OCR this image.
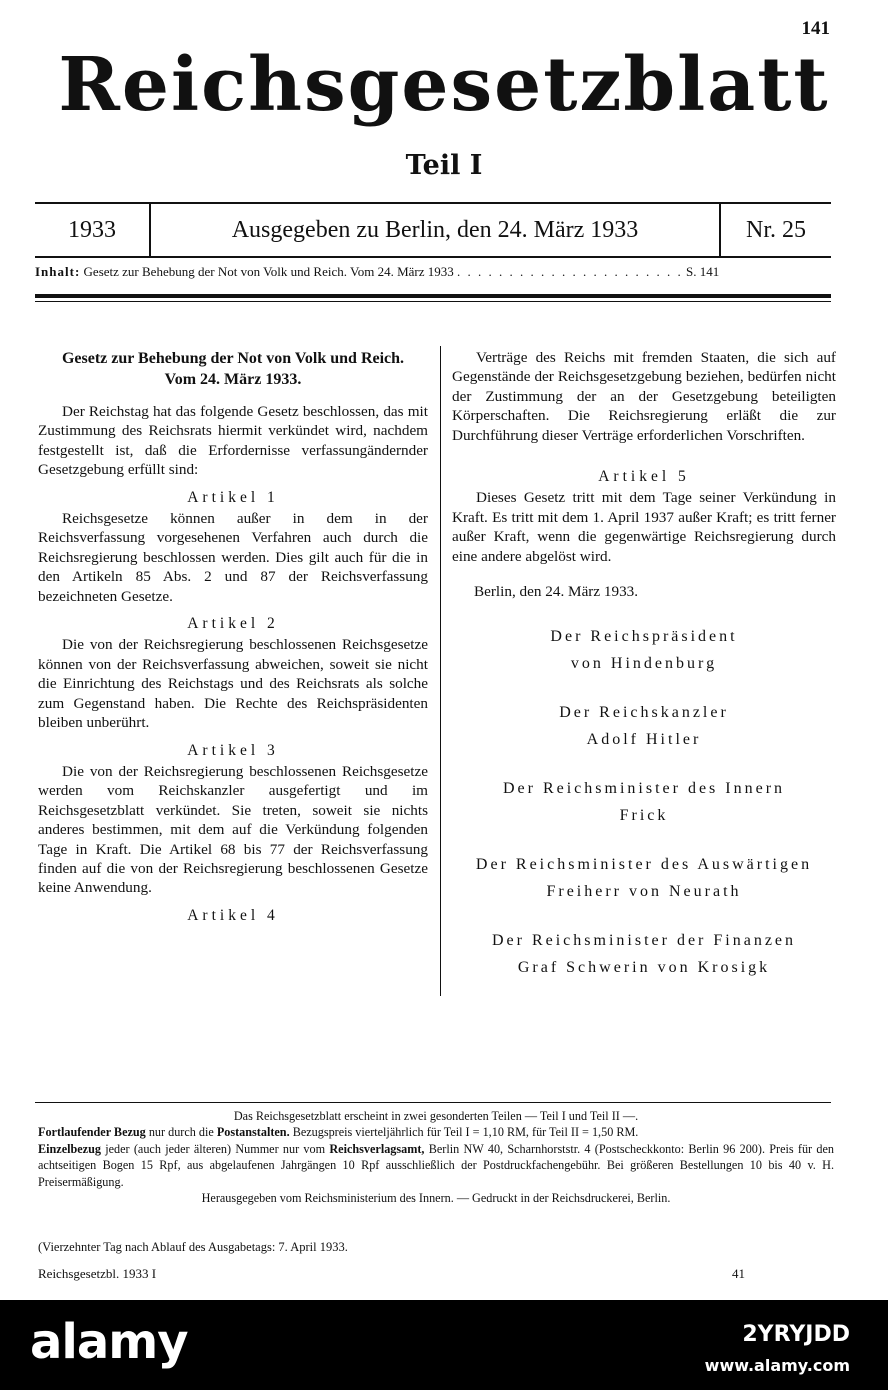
141
Reichsgesetzblatt
Teil I
1933	Ausgegeben zu Berlin, den 24. März 1933	Nr. 25
Inhalt: Gesetz zur Behebung der Not von Volk und Reich. Vom 24. März 1933 . . . . . . . . . . . . . . . . . . . . . . S. 141
Gesetz zur Behebung der Not von Volk und Reich.
Vom 24. März 1933.

Der Reichstag hat das folgende Gesetz beschlossen, das mit Zustimmung des Reichsrats hiermit verkündet wird, nachdem festgestellt ist, daß die Erfordernisse verfassungändernder Gesetzgebung erfüllt sind:

Artikel 1

Reichsgesetze können außer in dem in der Reichsverfassung vorgesehenen Verfahren auch durch die Reichsregierung beschlossen werden. Dies gilt auch für die in den Artikeln 85 Abs. 2 und 87 der Reichsverfassung bezeichneten Gesetze.

Artikel 2

Die von der Reichsregierung beschlossenen Reichsgesetze können von der Reichsverfassung abweichen, soweit sie nicht die Einrichtung des Reichstags und des Reichsrats als solche zum Gegenstand haben. Die Rechte des Reichspräsidenten bleiben unberührt.

Artikel 3

Die von der Reichsregierung beschlossenen Reichsgesetze werden vom Reichskanzler ausgefertigt und im Reichsgesetzblatt verkündet. Sie treten, soweit sie nichts anderes bestimmen, mit dem auf die Verkündung folgenden Tage in Kraft. Die Artikel 68 bis 77 der Reichsverfassung finden auf die von der Reichsregierung beschlossenen Gesetze keine Anwendung.

Artikel 4

Verträge des Reichs mit fremden Staaten, die sich auf Gegenstände der Reichsgesetzgebung beziehen, bedürfen nicht der Zustimmung der an der Gesetzgebung beteiligten Körperschaften. Die Reichsregierung erläßt die zur Durchführung dieser Verträge erforderlichen Vorschriften.

Artikel 5

Dieses Gesetz tritt mit dem Tage seiner Verkündung in Kraft. Es tritt mit dem 1. April 1937 außer Kraft; es tritt ferner außer Kraft, wenn die gegenwärtige Reichsregierung durch eine andere abgelöst wird.

Berlin, den 24. März 1933.

Der Reichspräsident
von Hindenburg
Der Reichskanzler
Adolf Hitler
Der Reichsminister des Innern
Frick
Der Reichsminister des Auswärtigen
Freiherr von Neurath
Der Reichsminister der Finanzen
Graf Schwerin von Krosigk
Das Reichsgesetzblatt erscheint in zwei gesonderten Teilen — Teil I und Teil II —.
Fortlaufender Bezug nur durch die Postanstalten. Bezugspreis vierteljährlich für Teil I = 1,10 RM, für Teil II = 1,50 RM.
Einzelbezug jeder (auch jeder älteren) Nummer nur vom Reichsverlagsamt, Berlin NW 40, Scharnhorststr. 4 (Postscheckkonto: Berlin 96 200). Preis für den achtseitigen Bogen 15 Rpf, aus abgelaufenen Jahrgängen 10 Rpf ausschließlich der Postdruckfachengebühr. Bei größeren Bestellungen 10 bis 40 v. H. Preisermäßigung.
Herausgegeben vom Reichsministerium des Innern. — Gedruckt in der Reichsdruckerei, Berlin.
(Vierzehnter Tag nach Ablauf des Ausgabetags: 7. April 1933.
Reichsgesetzbl. 1933 I	41
alamy	2YRYJDD
www.alamy.com
